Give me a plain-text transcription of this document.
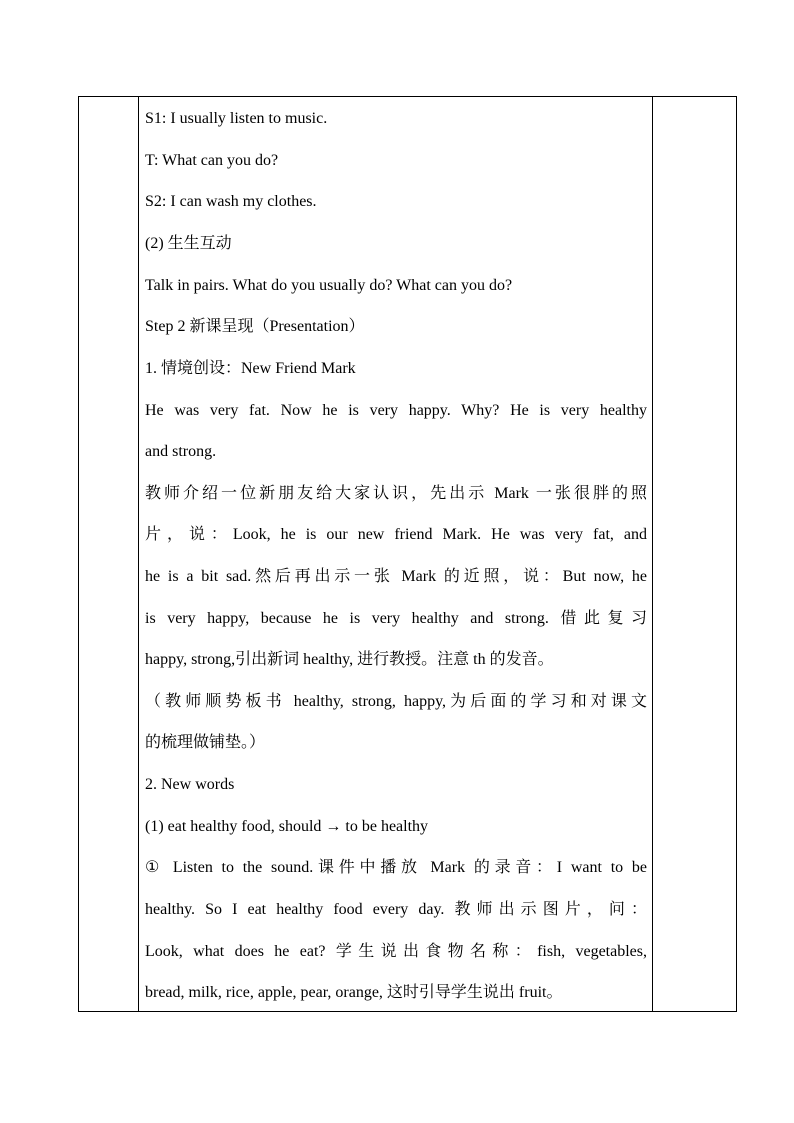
S1: I usually listen to music.
T: What can you do?
S2: I can wash my clothes.
(2) 生生互动
Talk in pairs. What do you usually do? What can you do?
Step 2 新课呈现（Presentation）
1. 情境创设：New Friend Mark
He was very fat. Now he is very happy. Why? He is very healthy
and strong.
教师介绍一位新朋友给大家认识，先出示 Mark 一张很胖的照
片，说：Look, he is our new friend Mark. He was very fat, and
he is a bit sad.然后再出示一张 Mark 的近照，说：But now, he
is very happy, because he is very healthy and strong. 借此复习
happy, strong,引出新词 healthy, 进行教授。注意 th 的发音。
（教师顺势板书 healthy, strong, happy,为后面的学习和对课文
的梳理做铺垫。）
2. New words
(1) eat healthy food, should → to be healthy
① Listen to the sound.课件中播放 Mark 的录音：I want to be
healthy. So I eat healthy food every day. 教师出示图片，问：
Look, what does he eat? 学生说出食物名称：fish, vegetables,
bread, milk, rice, apple, pear, orange, 这时引导学生说出 fruit。
